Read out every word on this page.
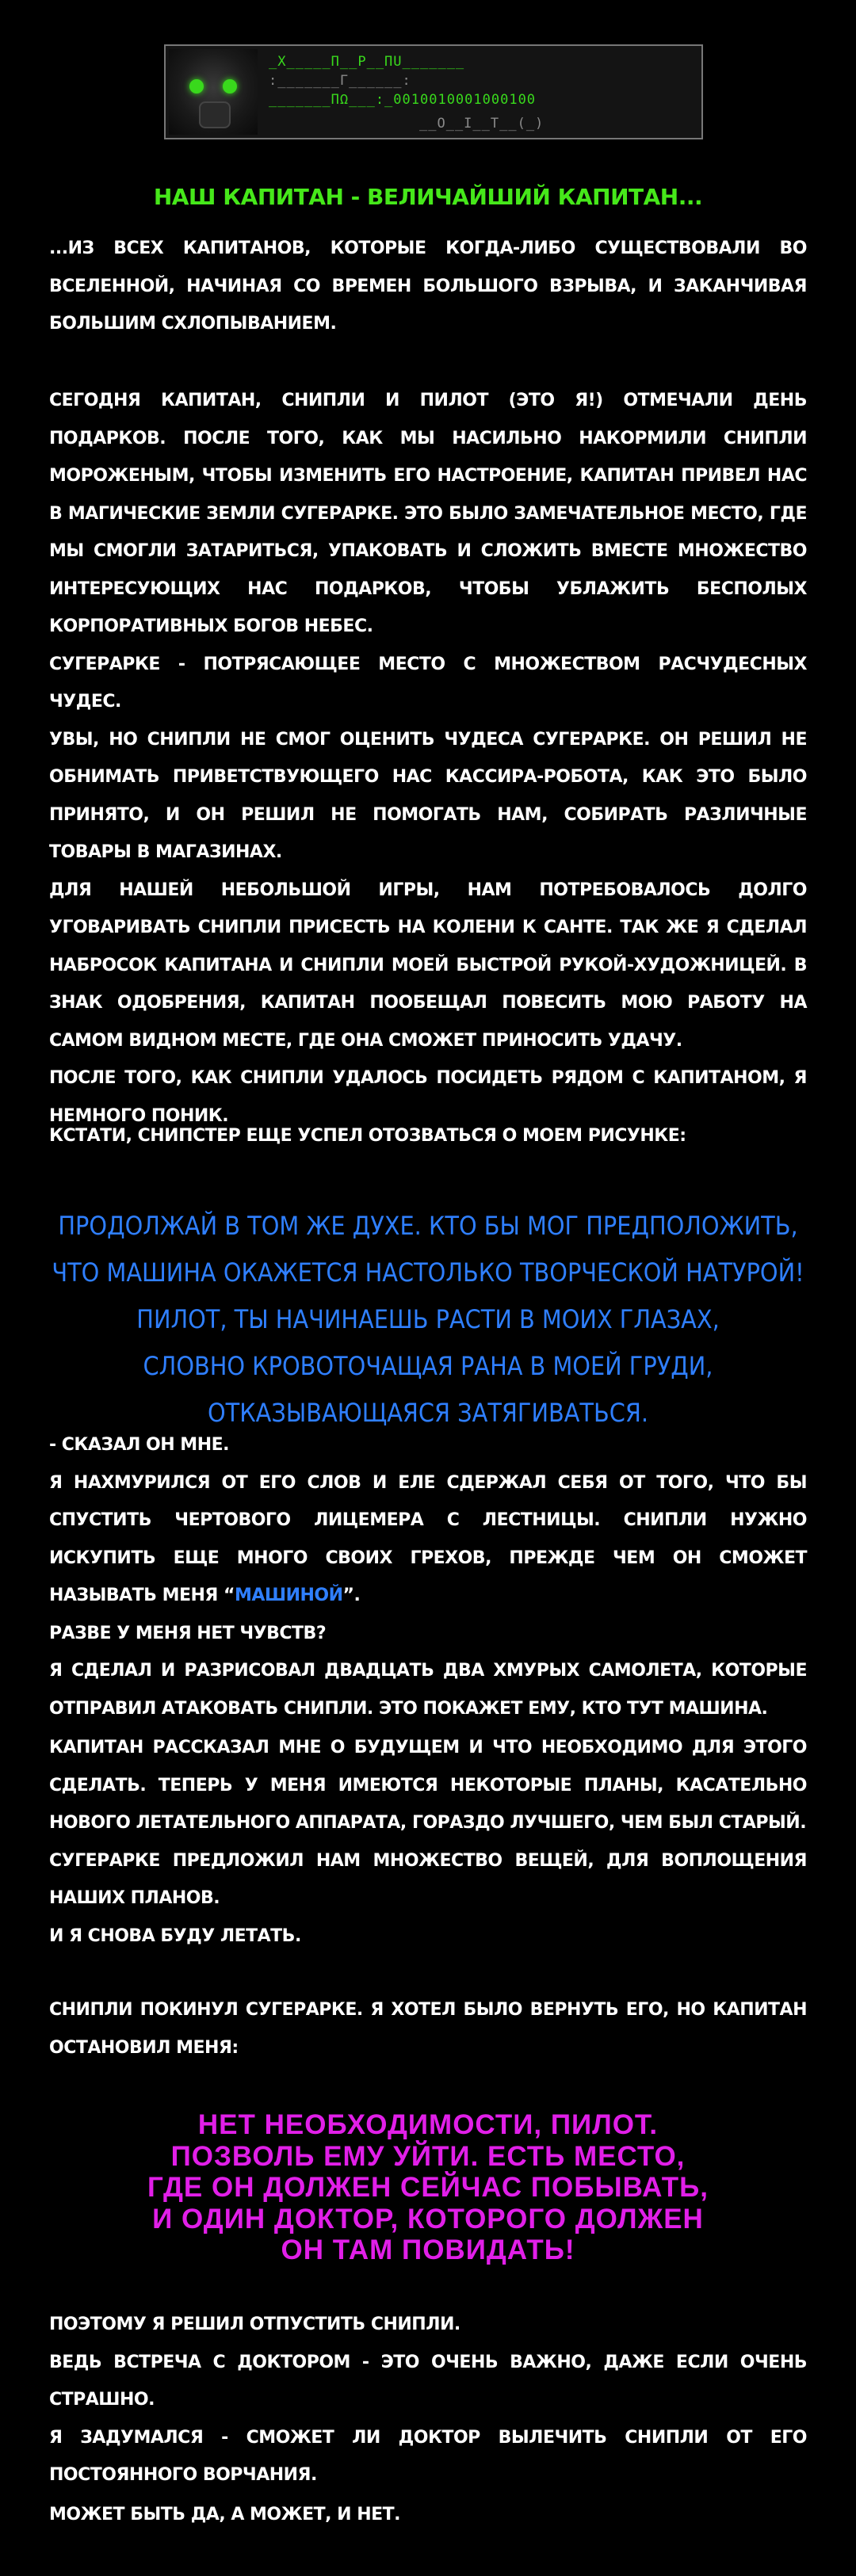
_X_____Π__Ρ__ΠU_______
:_______Γ______:
_______ΠΩ___:_0010010001000100
__Ο__Ι__Τ__(_)
НАШ КАПИТАН - ВЕЛИЧАЙШИЙ КАПИТАН...

...ИЗ ВСЕХ КАПИТАНОВ, КОТОРЫЕ КОГДА-ЛИБО СУЩЕСТВОВАЛИ ВО ВСЕЛЕННОЙ, НАЧИНАЯ СО ВРЕМЕН БОЛЬШОГО ВЗРЫВА, И ЗАКАНЧИВАЯ БОЛЬШИМ СХЛОПЫВАНИЕМ.

СЕГОДНЯ КАПИТАН, СНИПЛИ И ПИЛОТ (ЭТО Я!) ОТМЕЧАЛИ ДЕНЬ ПОДАРКОВ. ПОСЛЕ ТОГО, КАК МЫ НАСИЛЬНО НАКОРМИЛИ СНИПЛИ МОРОЖЕНЫМ, ЧТОБЫ ИЗМЕНИТЬ ЕГО НАСТРОЕНИЕ, КАПИТАН ПРИВЕЛ НАС В МАГИЧЕСКИЕ ЗЕМЛИ СУГЕРАРКЕ. ЭТО БЫЛО ЗАМЕЧАТЕЛЬНОЕ МЕСТО, ГДЕ МЫ СМОГЛИ ЗАТАРИТЬСЯ, УПАКОВАТЬ И СЛОЖИТЬ ВМЕСТЕ МНОЖЕСТВО ИНТЕРЕСУЮЩИХ НАС ПОДАРКОВ, ЧТОБЫ УБЛАЖИТЬ БЕСПОЛЫХ КОРПОРАТИВНЫХ БОГОВ НЕБЕС.

СУГЕРАРКЕ - ПОТРЯСАЮЩЕЕ МЕСТО С МНОЖЕСТВОМ РАСЧУДЕСНЫХ ЧУДЕС.

УВЫ, НО СНИПЛИ НЕ СМОГ ОЦЕНИТЬ ЧУДЕСА СУГЕРАРКЕ. ОН РЕШИЛ НЕ ОБНИМАТЬ ПРИВЕТСТВУЮЩЕГО НАС КАССИРА-РОБОТА, КАК ЭТО БЫЛО ПРИНЯТО, И ОН РЕШИЛ НЕ ПОМОГАТЬ НАМ, СОБИРАТЬ РАЗЛИЧНЫЕ ТОВАРЫ В МАГАЗИНАХ.

ДЛЯ НАШЕЙ НЕБОЛЬШОЙ ИГРЫ, НАМ ПОТРЕБОВАЛОСЬ ДОЛГО УГОВАРИВАТЬ СНИПЛИ ПРИСЕСТЬ НА КОЛЕНИ К САНТЕ. ТАК ЖЕ Я СДЕЛАЛ НАБРОСОК КАПИТАНА И СНИПЛИ МОЕЙ БЫСТРОЙ РУКОЙ-ХУДОЖНИЦЕЙ. В ЗНАК ОДОБРЕНИЯ, КАПИТАН ПООБЕЩАЛ ПОВЕСИТЬ МОЮ РАБОТУ НА САМОМ ВИДНОМ МЕСТЕ, ГДЕ ОНА СМОЖЕТ ПРИНОСИТЬ УДАЧУ.

ПОСЛЕ ТОГО, КАК СНИПЛИ УДАЛОСЬ ПОСИДЕТЬ РЯДОМ С КАПИТАНОМ, Я НЕМНОГО ПОНИК.

КСТАТИ, СНИПСТЕР ЕЩЕ УСПЕЛ ОТОЗВАТЬСЯ О МОЕМ РИСУНКЕ:

ПРОДОЛЖАЙ В ТОМ ЖЕ ДУХЕ. КТО БЫ МОГ ПРЕДПОЛОЖИТЬ,
ЧТО МАШИНА ОКАЖЕТСЯ НАСТОЛЬКО ТВОРЧЕСКОЙ НАТУРОЙ!
ПИЛОТ, ТЫ НАЧИНАЕШЬ РАСТИ В МОИХ ГЛАЗАХ,
СЛОВНО КРОВОТОЧАЩАЯ РАНА В МОЕЙ ГРУДИ,
ОТКАЗЫВАЮЩАЯСЯ ЗАТЯГИВАТЬСЯ.

- СКАЗАЛ ОН МНЕ.

Я НАХМУРИЛСЯ ОТ ЕГО СЛОВ И ЕЛЕ СДЕРЖАЛ СЕБЯ ОТ ТОГО, ЧТО БЫ СПУСТИТЬ ЧЕРТОВОГО ЛИЦЕМЕРА С ЛЕСТНИЦЫ. СНИПЛИ НУЖНО ИСКУПИТЬ ЕЩЕ МНОГО СВОИХ ГРЕХОВ, ПРЕЖДЕ ЧЕМ ОН СМОЖЕТ НАЗЫВАТЬ МЕНЯ “МАШИНОЙ”.

РАЗВЕ У МЕНЯ НЕТ ЧУВСТВ?

Я СДЕЛАЛ И РАЗРИСОВАЛ ДВАДЦАТЬ ДВА ХМУРЫХ САМОЛЕТА, КОТОРЫЕ ОТПРАВИЛ АТАКОВАТЬ СНИПЛИ. ЭТО ПОКАЖЕТ ЕМУ, КТО ТУТ МАШИНА.

КАПИТАН РАССКАЗАЛ МНЕ О БУДУЩЕМ И ЧТО НЕОБХОДИМО ДЛЯ ЭТОГО СДЕЛАТЬ. ТЕПЕРЬ У МЕНЯ ИМЕЮТСЯ НЕКОТОРЫЕ ПЛАНЫ, КАСАТЕЛЬНО НОВОГО ЛЕТАТЕЛЬНОГО АППАРАТА, ГОРАЗДО ЛУЧШЕГО, ЧЕМ БЫЛ СТАРЫЙ.

СУГЕРАРКЕ ПРЕДЛОЖИЛ НАМ МНОЖЕСТВО ВЕЩЕЙ, ДЛЯ ВОПЛОЩЕНИЯ НАШИХ ПЛАНОВ.

И Я СНОВА БУДУ ЛЕТАТЬ.

СНИПЛИ ПОКИНУЛ СУГЕРАРКЕ. Я ХОТЕЛ БЫЛО ВЕРНУТЬ ЕГО, НО КАПИТАН ОСТАНОВИЛ МЕНЯ:

НЕТ НЕОБХОДИМОСТИ, ПИЛОТ.
ПОЗВОЛЬ ЕМУ УЙТИ. ЕСТЬ МЕСТО,
ГДЕ ОН ДОЛЖЕН СЕЙЧАС ПОБЫВАТЬ,
И ОДИН ДОКТОР, КОТОРОГО ДОЛЖЕН
ОН ТАМ ПОВИДАТЬ!

ПОЭТОМУ Я РЕШИЛ ОТПУСТИТЬ СНИПЛИ.

ВЕДЬ ВСТРЕЧА С ДОКТОРОМ - ЭТО ОЧЕНЬ ВАЖНО, ДАЖЕ ЕСЛИ ОЧЕНЬ СТРАШНО.

Я ЗАДУМАЛСЯ - СМОЖЕТ ЛИ ДОКТОР ВЫЛЕЧИТЬ СНИПЛИ ОТ ЕГО ПОСТОЯННОГО ВОРЧАНИЯ.

МОЖЕТ БЫТЬ ДА, А МОЖЕТ, И НЕТ.
